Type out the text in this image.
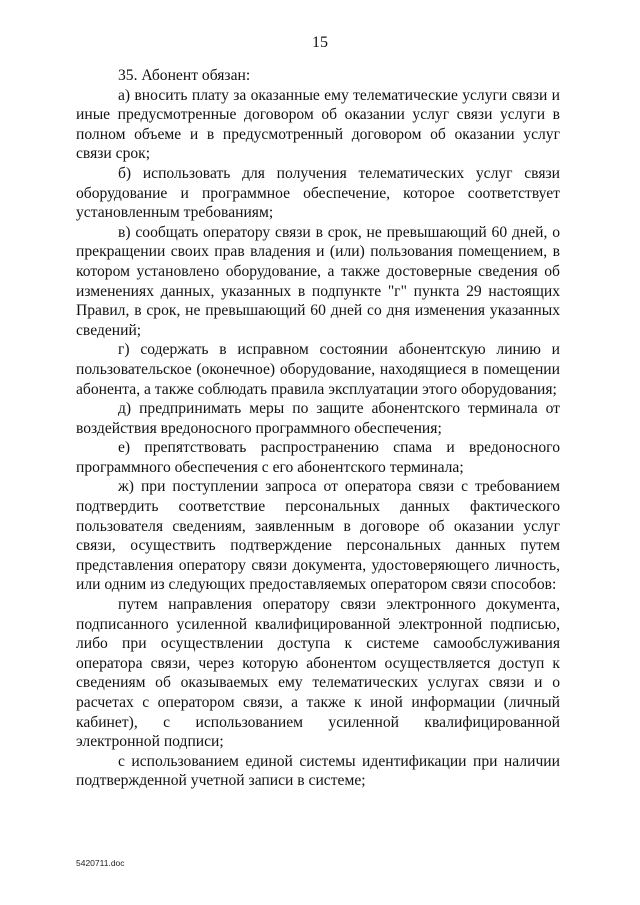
15

35. Абонент обязан:

а) вносить плату за оказанные ему телематические услуги связи и иные предусмотренные договором об оказании услуг связи услуги в полном объеме и в предусмотренный договором об оказании услуг связи срок;

б) использовать для получения телематических услуг связи оборудование и программное обеспечение, которое соответствует установленным требованиям;

в) сообщать оператору связи в срок, не превышающий 60 дней, о прекращении своих прав владения и (или) пользования помещением, в котором установлено оборудование, а также достоверные сведения об изменениях данных, указанных в подпункте "г" пункта 29 настоящих Правил, в срок, не превышающий 60 дней со дня изменения указанных сведений;

г) содержать в исправном состоянии абонентскую линию и пользовательское (оконечное) оборудование, находящиеся в помещении абонента, а также соблюдать правила эксплуатации этого оборудования;

д) предпринимать меры по защите абонентского терминала от воздействия вредоносного программного обеспечения;

е) препятствовать распространению спама и вредоносного программного обеспечения с его абонентского терминала;

ж) при поступлении запроса от оператора связи с требованием подтвердить соответствие персональных данных фактического пользователя сведениям, заявленным в договоре об оказании услуг связи, осуществить подтверждение персональных данных путем представления оператору связи документа, удостоверяющего личность, или одним из следующих предоставляемых оператором связи способов:

путем направления оператору связи электронного документа, подписанного усиленной квалифицированной электронной подписью, либо при осуществлении доступа к системе самообслуживания оператора связи, через которую абонентом осуществляется доступ к сведениям об оказываемых ему телематических услугах связи и о расчетах с оператором связи, а также к иной информации (личный кабинет), с использованием усиленной квалифицированной электронной подписи;

с использованием единой системы идентификации при наличии подтвержденной учетной записи в системе;

5420711.doc
